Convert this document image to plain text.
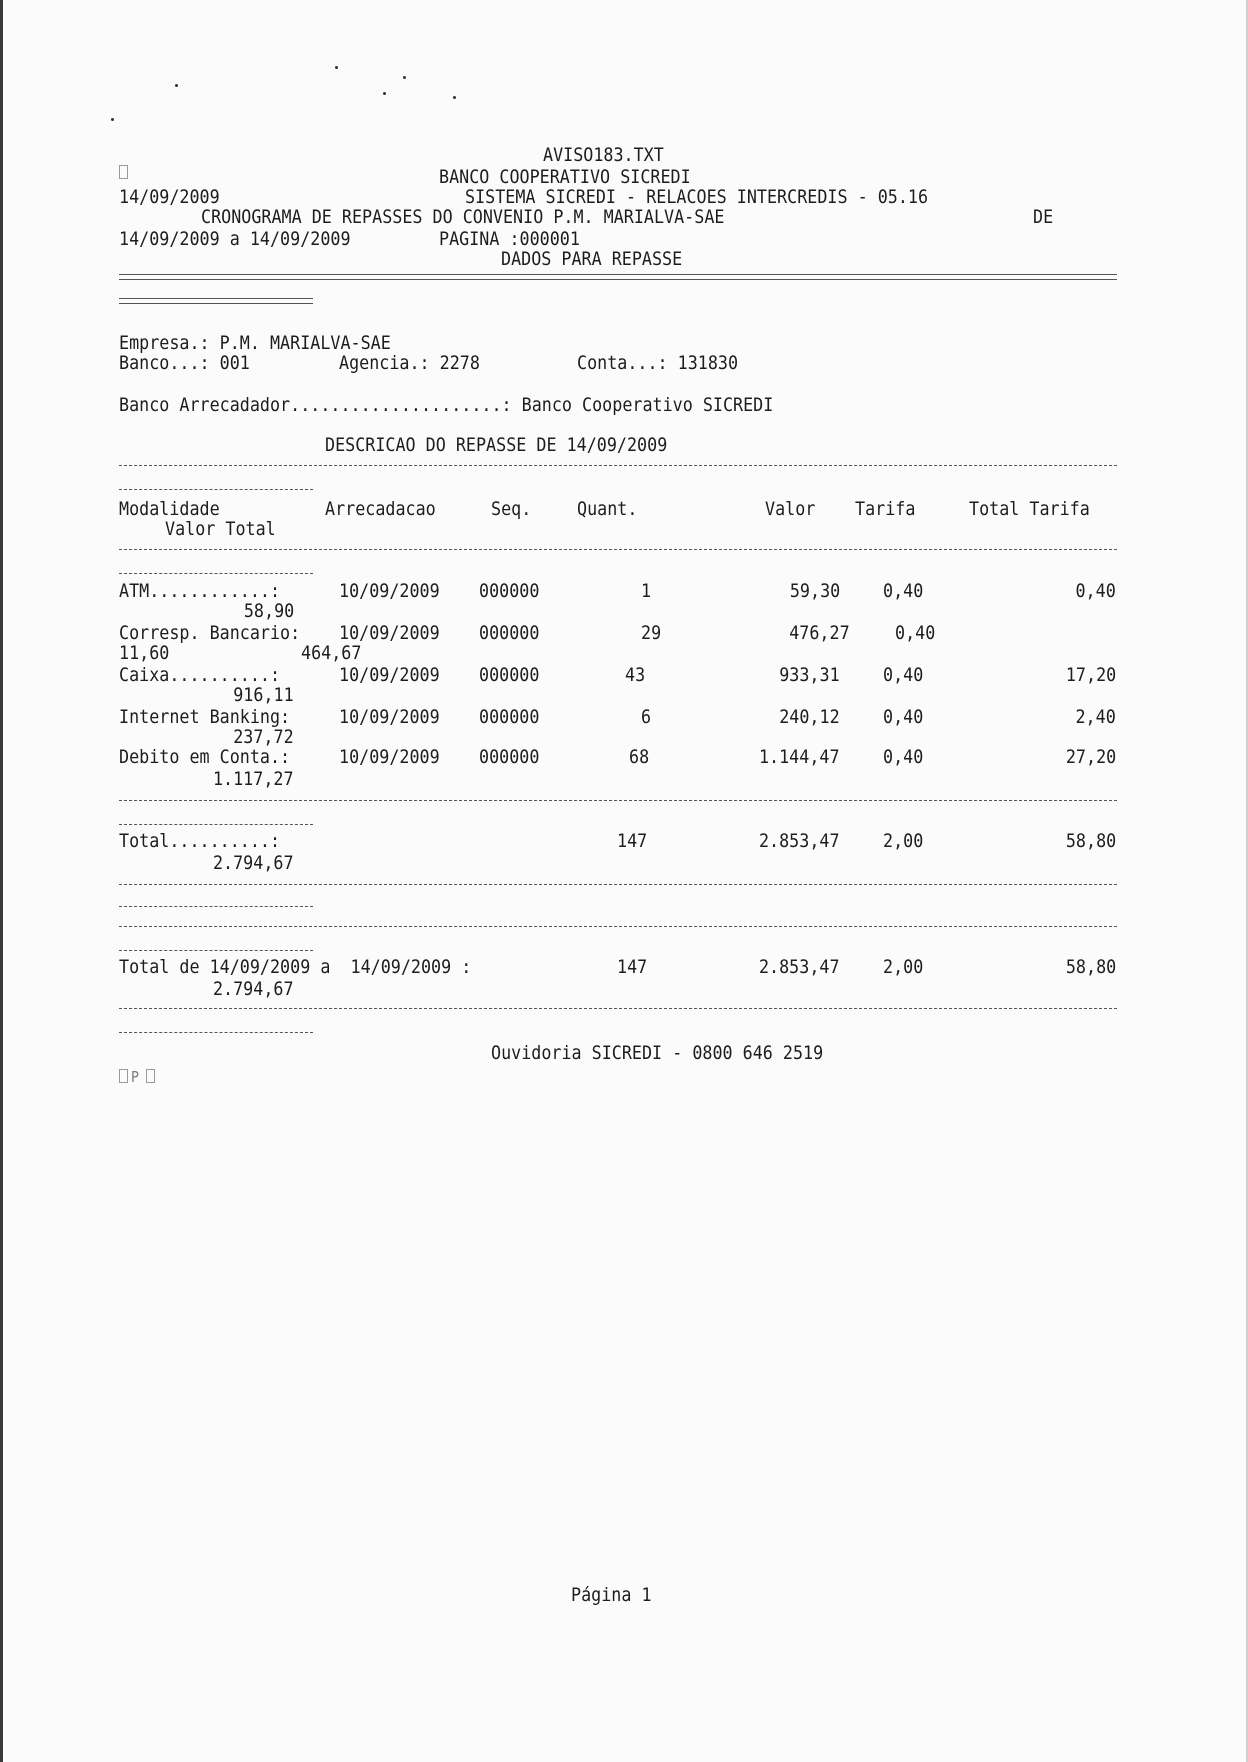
AVISO183.TXT
BANCO COOPERATIVO SICREDI
14/09/2009	SISTEMA SICREDI - RELACOES INTERCREDIS - 05.16
CRONOGRAMA DE REPASSES DO CONVENIO P.M. MARIALVA-SAE	DE
14/09/2009 a 14/09/2009	PAGINA :000001
DADOS PARA REPASSE
Empresa.: P.M. MARIALVA-SAE
Banco...: 001	Agencia.: 2278	Conta...: 131830
Banco Arrecadador.....................: Banco Cooperativo SICREDI
DESCRICAO DO REPASSE DE 14/09/2009
Modalidade	Arrecadacao	Seq. Quant.	Valor Tarifa	Total Tarifa
Valor Total
ATM............:	10/09/2009 000000	1	59,30 0,40	0,40
58,90
Corresp. Bancario: 10/09/2009 000000	29	476,27 0,40
11,60	464,67
Caixa..........:	10/09/2009 000000	43	933,31 0,40	17,20
916,11
Internet Banking:	10/09/2009 000000	6	240,12 0,40	2,40
237,72
Debito em Conta.:	10/09/2009 000000	68	1.144,47 0,40	27,20
1.117,27
Total..........:	147	2.853,47 2,00	58,80
2.794,67
Total de 14/09/2009 a  14/09/2009 :	147	2.853,47 2,00	58,80
2.794,67
Ouvidoria SICREDI - 0800 646 2519
P
Página 1
